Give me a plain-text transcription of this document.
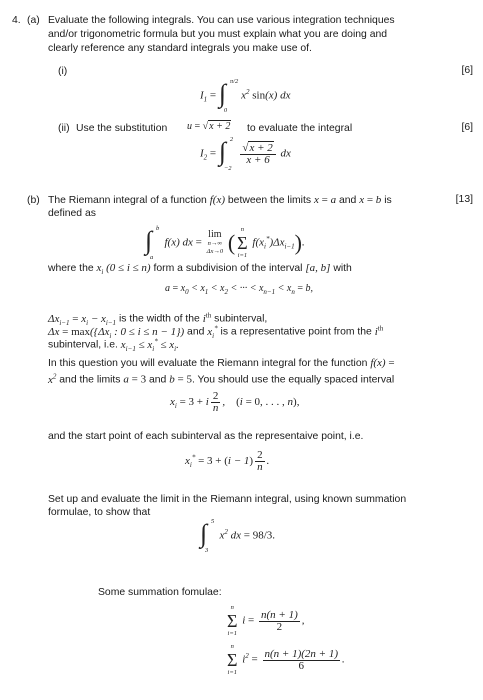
4. (a) Evaluate the following integrals. You can use various integration techniques
and/or trigonometric formula but you must explain what you are doing and
clearly reference any standard integrals you make use of.
(i)	[6]
$I_1$ = ∫ π/2
0
$x^2$ sin(x) dx
(ii) Use the substitution u = √x + 2 to evaluate the integral	[6]
$I_2$ = ∫ 2
−2

$\frac{√x + 2}{x + 6}$ dx
(b) The Riemann integral of a function f(x) between the limits x = a and x = b is	[13]
defined as
∫ b
a
f(x) dx =
lim
n→∞
Δx→0 (
n
Σ
i=1
$f(x_i^*)\Delta x_{i-1}$).
where the $x_i$ (0 ≤ i ≤ n) form a subdivision of the interval [a, b] with
$a = x_0 < x_1 < x_2$ < ··· < $x_{n-1} < x_n = b$,
$\Delta x_{i-1} = x_i - x_{i-1}$ is the width of the $i^{th}$ subinterval,
$\Delta x = \max(\{\Delta x_i$ : 0 ≤ i ≤ n − 1}) and $x_i^*$ is a representative point from the $i^{th}$
subinterval, i.e. $x_{i-1} \le x_i^* \le x_i$.
In this question you will evaluate the Riemann integral for the function f(x) =
$x^2$ and the limits a = 3 and b = 5. You should use the equally spaced interval
$x_i = 3 + i \frac{2}{n}$ ,    (i = 0, . . . , n),
and the start point of each subinterval as the representaive point, i.e.
$x_i^* = 3 + (i - 1) \frac{2}{n}$ .
Set up and evaluate the limit in the Riemann integral, using known summation
formulae, to show that
∫ 5
3
$x^2$ dx = 98/3.
Some summation fomulae:
n
Σ
i=1
$i = \frac{n(n + 1)}{2}$ ,
n
Σ
i=1
$i^2 = \frac{n(n + 1)(2n + 1)}{6}$ .
